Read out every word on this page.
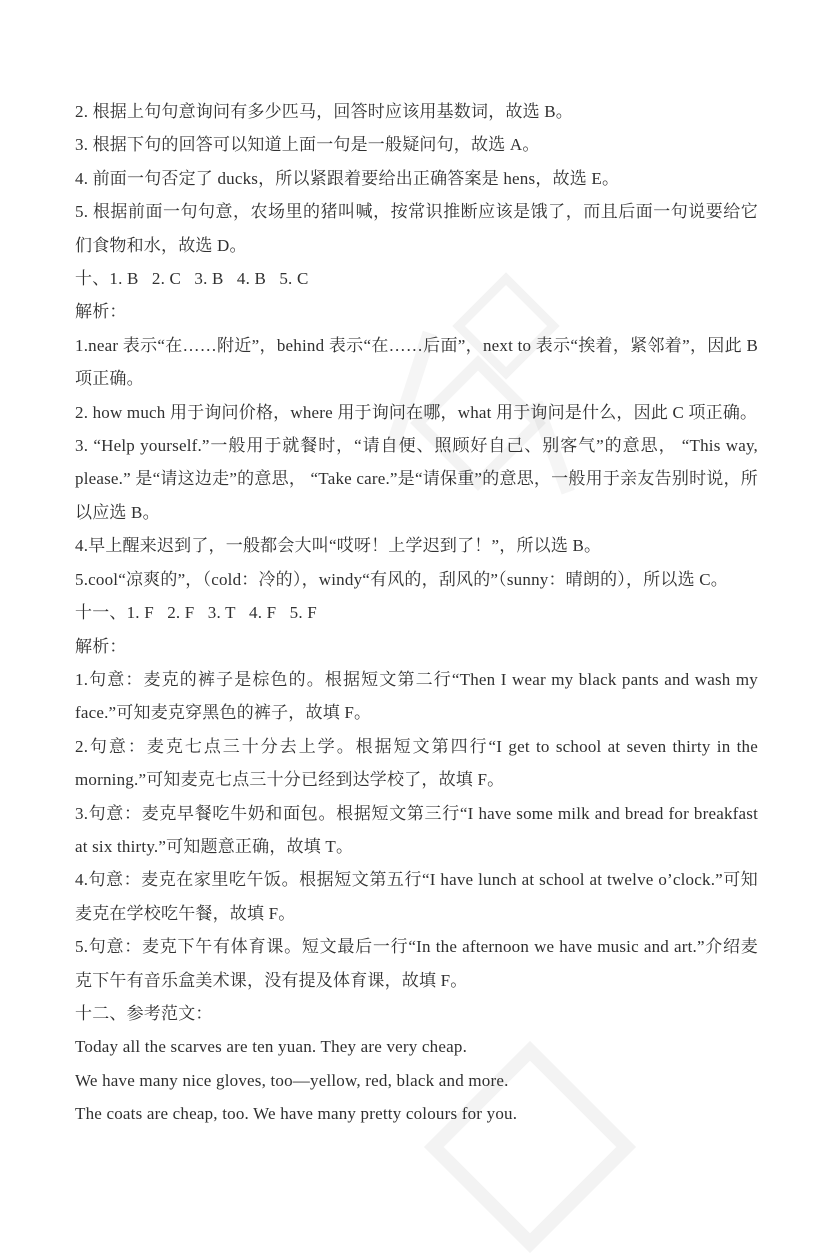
2. 根据上句句意询问有多少匹马，回答时应该用基数词，故选 B。

3. 根据下句的回答可以知道上面一句是一般疑问句，故选 A。

4. 前面一句否定了 ducks，所以紧跟着要给出正确答案是 hens，故选 E。

5. 根据前面一句句意，农场里的猪叫喊，按常识推断应该是饿了，而且后面一句说要给它们食物和水，故选 D。

十、1. B   2. C   3. B   4. B   5. C

解析：

1.near 表示“在……附近”，behind 表示“在……后面”，next to 表示“挨着，紧邻着”，因此 B 项正确。

2. how much 用于询问价格，where 用于询问在哪，what 用于询问是什么，因此 C 项正确。

3. “Help yourself.”一般用于就餐时，“请自便、照顾好自己、别客气”的意思， “This way, please.” 是“请这边走”的意思， “Take care.”是“请保重”的意思，一般用于亲友告别时说，所以应选 B。

4.早上醒来迟到了，一般都会大叫“哎呀！上学迟到了！”，所以选 B。

5.cool“凉爽的”，（cold：冷的），windy“有风的，刮风的”（sunny：晴朗的），所以选 C。

十一、1. F   2. F   3. T   4. F   5. F

解析：

1.句意：麦克的裤子是棕色的。根据短文第二行“Then I wear my black pants and wash my face.”可知麦克穿黑色的裤子，故填 F。

2.句意：麦克七点三十分去上学。根据短文第四行“I get to school at seven thirty in the morning.”可知麦克七点三十分已经到达学校了，故填 F。

3.句意：麦克早餐吃牛奶和面包。根据短文第三行“I have some milk and bread for breakfast at six thirty.”可知题意正确，故填 T。

4.句意：麦克在家里吃午饭。根据短文第五行“I have lunch at school at twelve o’clock.”可知麦克在学校吃午餐，故填 F。

5.句意：麦克下午有体育课。短文最后一行“In the afternoon we have music and art.”介绍麦克下午有音乐盒美术课，没有提及体育课，故填 F。

十二、参考范文：

Today all the scarves are ten yuan. They are very cheap.

We have many nice gloves, too—yellow, red, black and more.

The coats are cheap, too. We have many pretty colours for you.
